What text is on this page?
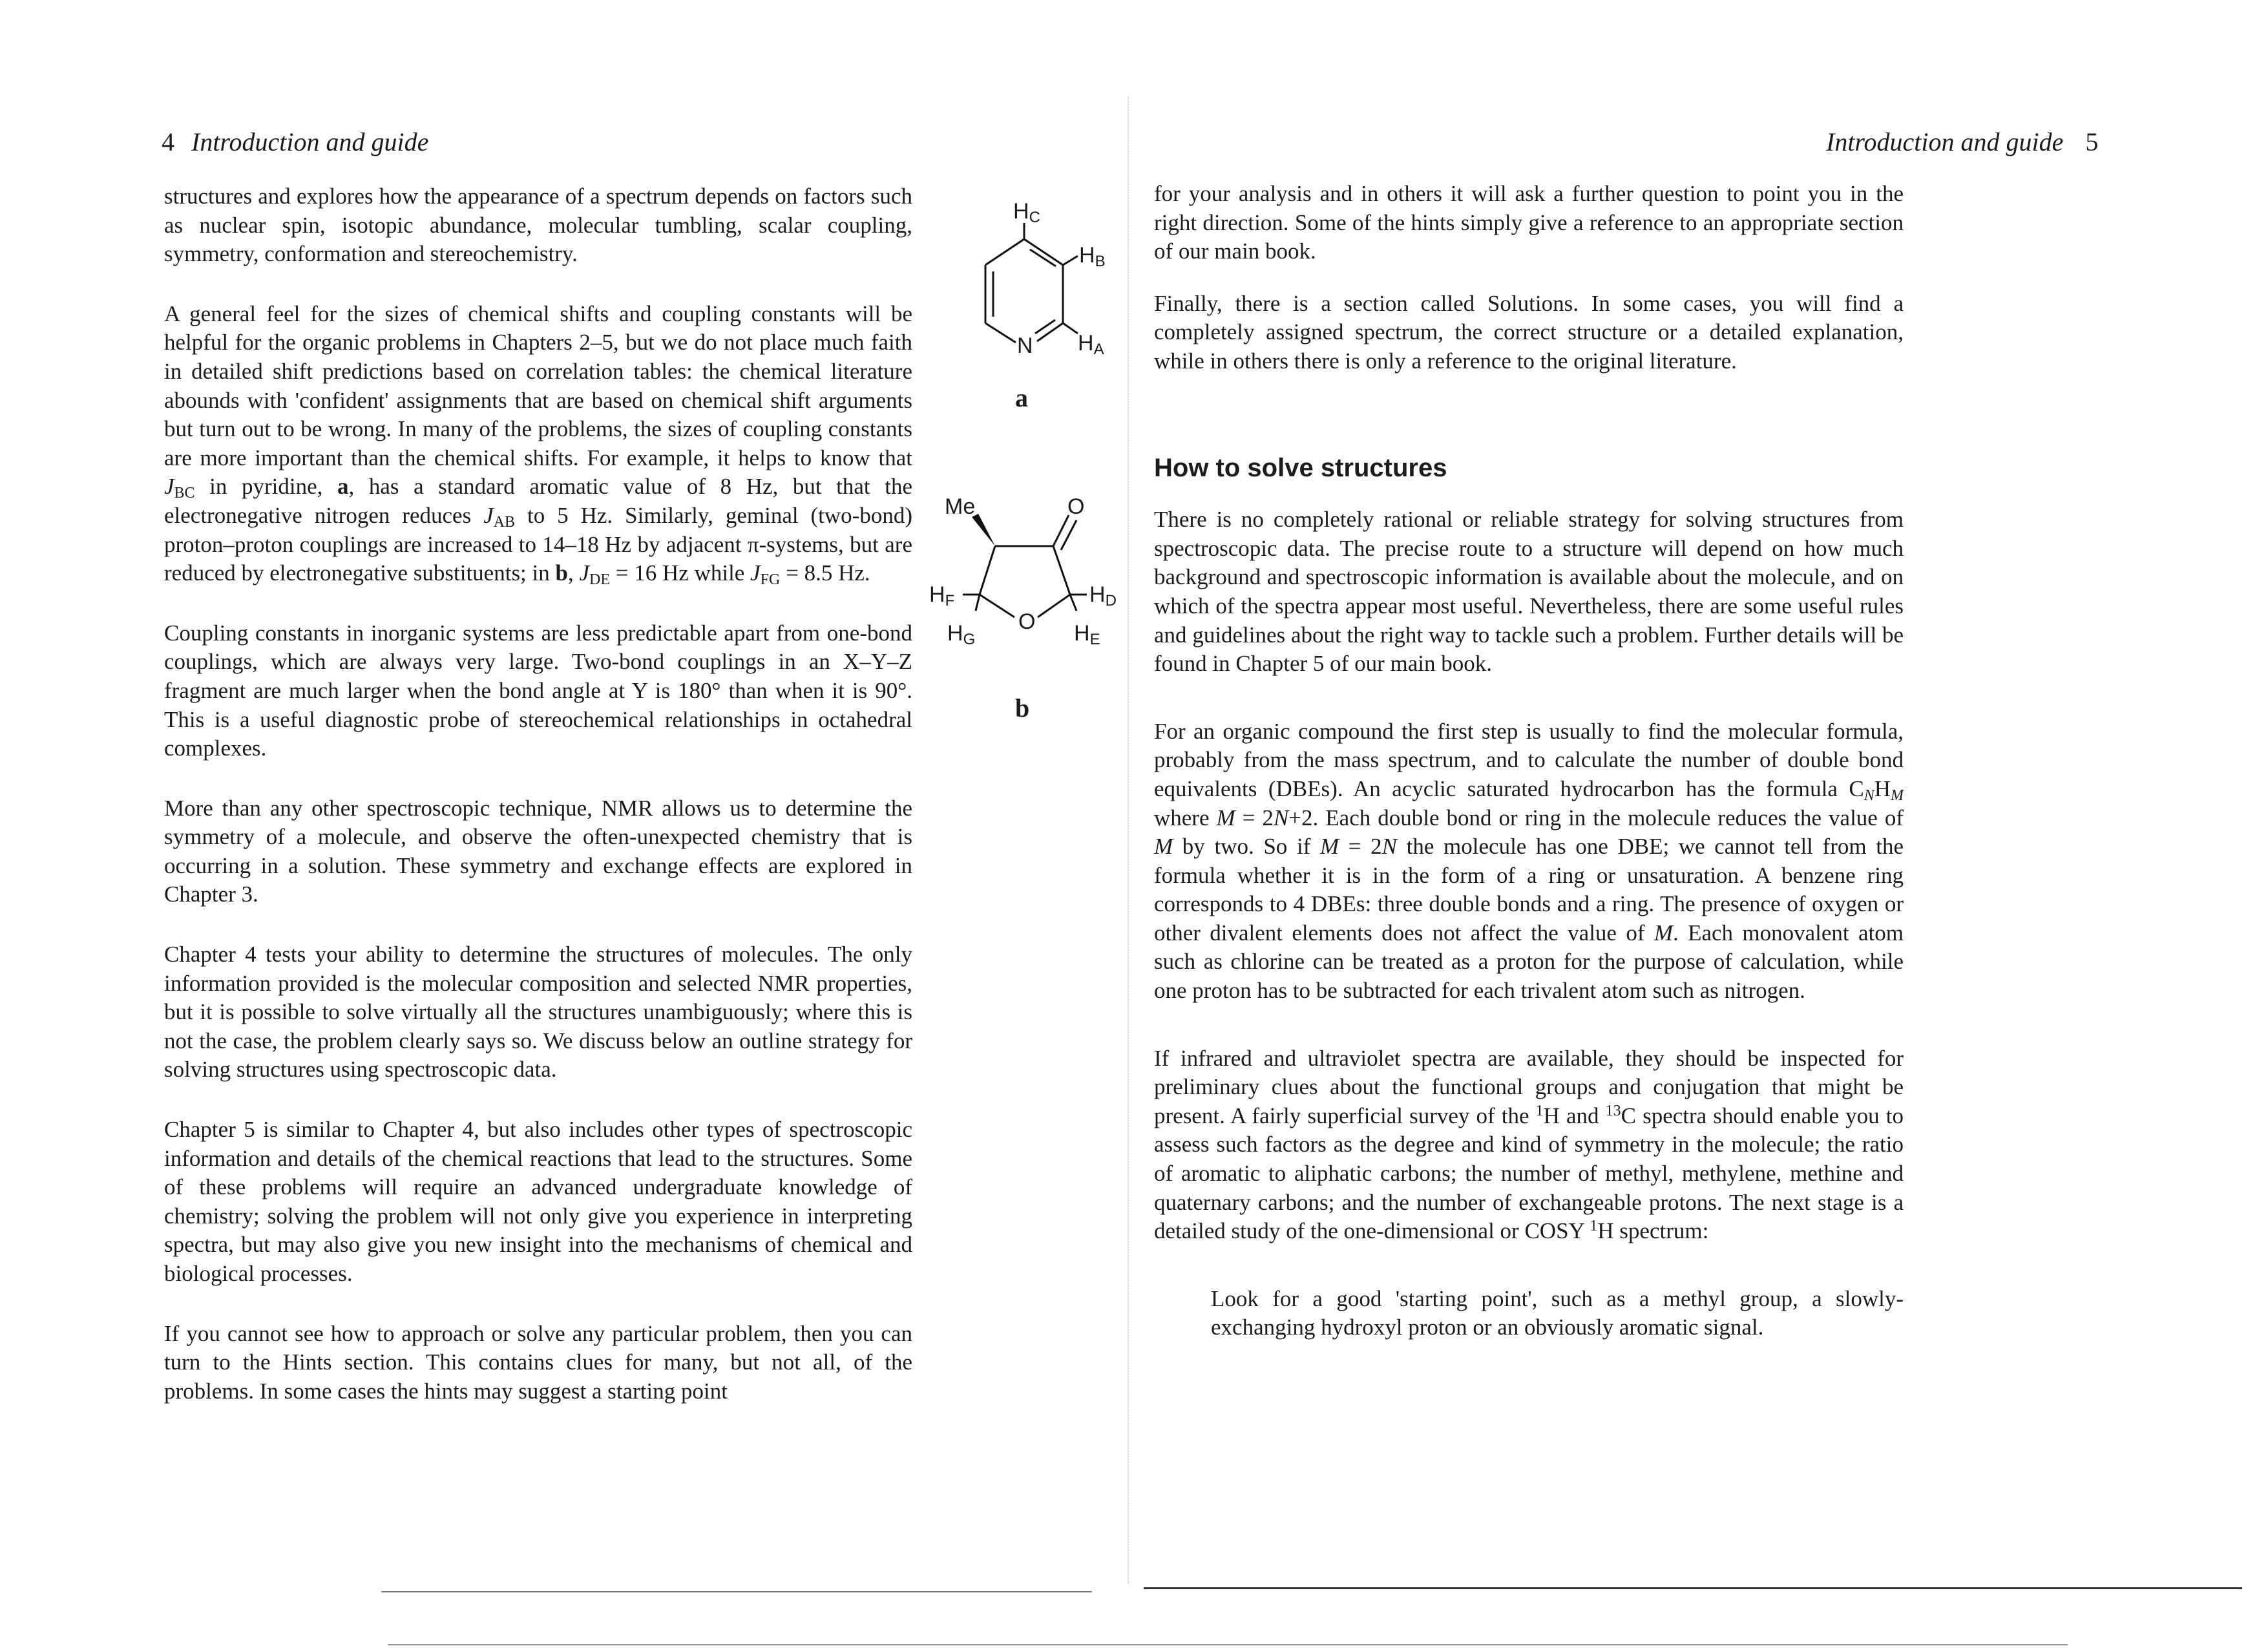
4 Introduction and guide	Introduction and guide 5

structures and explores how the appearance of a spectrum depends on factors such as nuclear spin, isotopic abundance, molecular tumbling, scalar coupling, symmetry, conformation and stereochemistry.

A general feel for the sizes of chemical shifts and coupling constants will be helpful for the organic problems in Chapters 2–5, but we do not place much faith in detailed shift predictions based on correlation tables: the chemical literature abounds with 'confident' assignments that are based on chemical shift arguments but turn out to be wrong. In many of the problems, the sizes of coupling constants are more important than the chemical shifts. For example, it helps to know that $J_{BC}$ in pyridine, a, has a standard aromatic value of 8 Hz, but that the electronegative nitrogen reduces $J_{AB}$ to 5 Hz. Similarly, geminal (two-bond) proton–proton couplings are increased to 14–18 Hz by adjacent π-systems, but are reduced by electronegative substituents; in b, $J_{DE} = 16$ Hz while $J_{FG} = 8.5$ Hz.

Coupling constants in inorganic systems are less predictable apart from one-bond couplings, which are always very large. Two-bond couplings in an X–Y–Z fragment are much larger when the bond angle at Y is 180° than when it is 90°. This is a useful diagnostic probe of stereochemical relationships in octahedral complexes.

More than any other spectroscopic technique, NMR allows us to determine the symmetry of a molecule, and observe the often-unexpected chemistry that is occurring in a solution. These symmetry and exchange effects are explored in Chapter 3.

Chapter 4 tests your ability to determine the structures of molecules. The only information provided is the molecular composition and selected NMR properties, but it is possible to solve virtually all the structures unambiguously; where this is not the case, the problem clearly says so. We discuss below an outline strategy for solving structures using spectroscopic data.

Chapter 5 is similar to Chapter 4, but also includes other types of spectroscopic information and details of the chemical reactions that lead to the structures. Some of these problems will require an advanced undergraduate knowledge of chemistry; solving the problem will not only give you experience in interpreting spectra, but may also give you new insight into the mechanisms of chemical and biological processes.

If you cannot see how to approach or solve any particular problem, then you can turn to the Hints section. This contains clues for many, but not all, of the problems. In some cases the hints may suggest a starting point

$H_C$
$H_B$
N $H_A$
a
Me	O
O
$H_F$	$H_D$
$H_G$	$H_E$
b

for your analysis and in others it will ask a further question to point you in the right direction. Some of the hints simply give a reference to an appropriate section of our main book.

Finally, there is a section called Solutions. In some cases, you will find a completely assigned spectrum, the correct structure or a detailed explanation, while in others there is only a reference to the original literature.

How to solve structures

There is no completely rational or reliable strategy for solving structures from spectroscopic data. The precise route to a structure will depend on how much background and spectroscopic information is available about the molecule, and on which of the spectra appear most useful. Nevertheless, there are some useful rules and guidelines about the right way to tackle such a problem. Further details will be found in Chapter 5 of our main book.

For an organic compound the first step is usually to find the molecular formula, probably from the mass spectrum, and to calculate the number of double bond equivalents (DBEs). An acyclic saturated hydrocarbon has the formula $C_NH_M$ where M = 2N+2. Each double bond or ring in the molecule reduces the value of M by two. So if M = 2N the molecule has one DBE; we cannot tell from the formula whether it is in the form of a ring or unsaturation. A benzene ring corresponds to 4 DBEs: three double bonds and a ring. The presence of oxygen or other divalent elements does not affect the value of M. Each monovalent atom such as chlorine can be treated as a proton for the purpose of calculation, while one proton has to be subtracted for each trivalent atom such as nitrogen.

If infrared and ultraviolet spectra are available, they should be inspected for preliminary clues about the functional groups and conjugation that might be present. A fairly superficial survey of the $^1$H and $^{13}$C spectra should enable you to assess such factors as the degree and kind of symmetry in the molecule; the ratio of aromatic to aliphatic carbons; the number of methyl, methylene, methine and quaternary carbons; and the number of exchangeable protons. The next stage is a detailed study of the one-dimensional or COSY $^1$H spectrum:

Look for a good 'starting point', such as a methyl group, a slowly-exchanging hydroxyl proton or an obviously aromatic signal.
